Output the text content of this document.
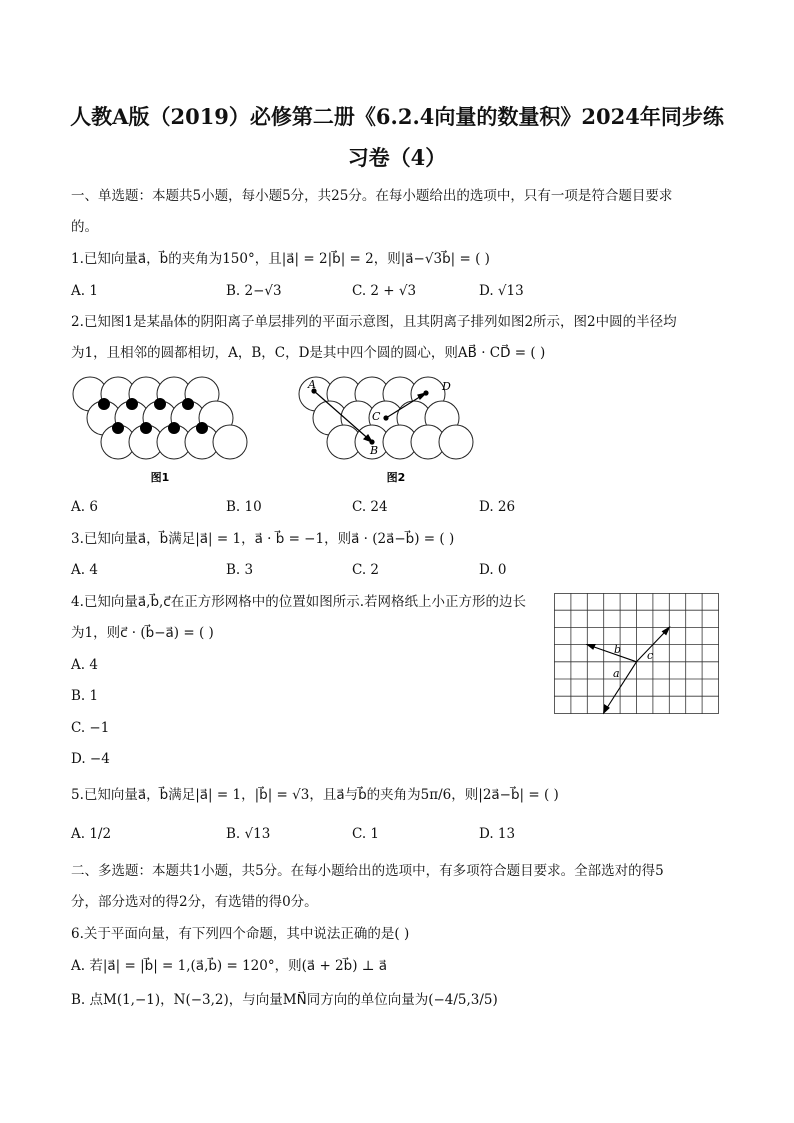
人教A版（2019）必修第二册《6.2.4向量的数量积》2024年同步练
习卷（4）
一、单选题：本题共5小题，每小题5分，共25分。在每小题给出的选项中，只有一项是符合题目要求
的。
1.已知向量a⃗，b⃗的夹角为150°，且|a⃗| = 2|b⃗| = 2，则|a⃗−√3b⃗| = ( )
A. 1	B. 2−√3	C. 2 + √3	D. √13
2.已知图1是某晶体的阴阳离子单层排列的平面示意图，且其阴离子排列如图2所示，图2中圆的半径均
为1，且相邻的圆都相切，A，B，C，D是其中四个圆的圆心，则AB⃗ · CD⃗ = ( )
图1
A
B
C
D
图2
A. 6	B. 10	C. 24	D. 26
3.已知向量a⃗，b⃗满足|a⃗| = 1，a⃗ · b⃗ = −1，则a⃗ · (2a⃗−b⃗) = ( )
A. 4	B. 3	C. 2	D. 0
4.已知向量a⃗,b⃗,c⃗在正方形网格中的位置如图所示.若网格纸上小正方形的边长
为1，则c⃗ · (b⃗−a⃗) = ( )
A. 4
B. 1
C. −1
D. −4
b c
a
5.已知向量a⃗，b⃗满足|a⃗| = 1，|b⃗| = √3，且a⃗与b⃗的夹角为5π/6，则|2a⃗−b⃗| = ( )
A. 1/2	B. √13	C. 1	D. 13
二、多选题：本题共1小题，共5分。在每小题给出的选项中，有多项符合题目要求。全部选对的得5
分，部分选对的得2分，有选错的得0分。
6.关于平面向量，有下列四个命题，其中说法正确的是( )
A. 若|a⃗| = |b⃗| = 1,(a⃗,b⃗) = 120°，则(a⃗ + 2b⃗) ⊥ a⃗
B. 点M(1,−1)，N(−3,2)，与向量MN⃗同方向的单位向量为(−4/5,3/5)
